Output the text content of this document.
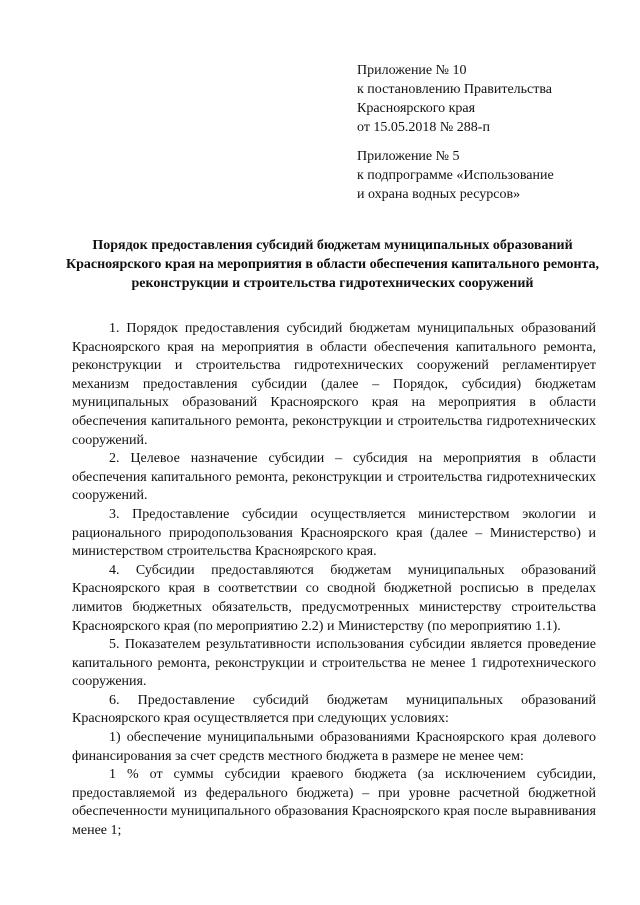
Приложение № 10
к постановлению Правительства
Красноярского края
от 15.05.2018 № 288-п
Приложение № 5
к подпрограмме «Использование
и охрана водных ресурсов»
Порядок предоставления субсидий бюджетам муниципальных образований Красноярского края на мероприятия в области обеспечения капитального ремонта, реконструкции и строительства гидротехнических сооружений

1. Порядок предоставления субсидий бюджетам муниципальных образований Красноярского края на мероприятия в области обеспечения капитального ремонта, реконструкции и строительства гидротехнических сооружений регламентирует механизм предоставления субсидии (далее – Порядок, субсидия) бюджетам муниципальных образований Красноярского края на мероприятия в области обеспечения капитального ремонта, реконструкции и строительства гидротехнических сооружений.

2. Целевое назначение субсидии – субсидия на мероприятия в области обеспечения капитального ремонта, реконструкции и строительства гидротехнических сооружений.

3. Предоставление субсидии осуществляется министерством экологии и рационального природопользования Красноярского края (далее – Министерство) и министерством строительства Красноярского края.

4. Субсидии предоставляются бюджетам муниципальных образований Красноярского края в соответствии со сводной бюджетной росписью в пределах лимитов бюджетных обязательств, предусмотренных министерству строительства Красноярского края (по мероприятию 2.2) и Министерству (по мероприятию 1.1).

5. Показателем результативности использования субсидии является проведение капитального ремонта, реконструкции и строительства не менее 1 гидротехнического сооружения.

6. Предоставление субсидий бюджетам муниципальных образований Красноярского края осуществляется при следующих условиях:

1) обеспечение муниципальными образованиями Красноярского края долевого финансирования за счет средств местного бюджета в размере не менее чем:

1 % от суммы субсидии краевого бюджета (за исключением субсидии, предоставляемой из федерального бюджета) – при уровне расчетной бюджетной обеспеченности муниципального образования Красноярского края после выравнивания менее 1;
